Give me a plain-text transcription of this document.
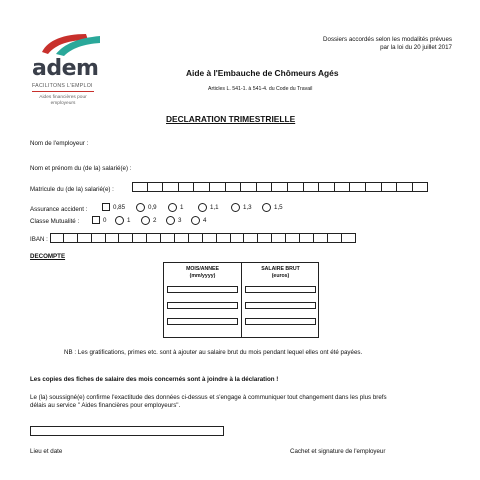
adem
FACILITONS L'EMPLOI
Aides financières pour
employeurs
Dossiers accordés selon les modalités prévues
par la loi du 20 juillet 2017
Aide à l'Embauche de Chômeurs Agés
Articles L. 541-1. à 541-4. du Code du Travail
DECLARATION TRIMESTRIELLE
Nom de l'employeur :
Nom et prénom du (de la) salarié(e) :
Matricule du (de la) salarié(e) :
Assurance accident :	0,85	0,9	1	1,1	1,3	1,5
Classe Mutualité :	0	1	2	3	4
IBAN :
DECOMPTE
MOIS/ANNEE
(mm/yyyy)
SALAIRE BRUT
(euros)
NB : Les gratifications, primes etc. sont à ajouter au salaire brut du mois pendant lequel elles ont été payées.
Les copies des fiches de salaire des mois concernés sont à joindre à la déclaration !
Le (la) soussigné(e) confirme l'exactitude des données ci-dessus et s'engage à communiquer tout changement dans les plus brefs
délais au service " Aides financières pour employeurs".
Lieu et date	Cachet et signature de l'employeur
